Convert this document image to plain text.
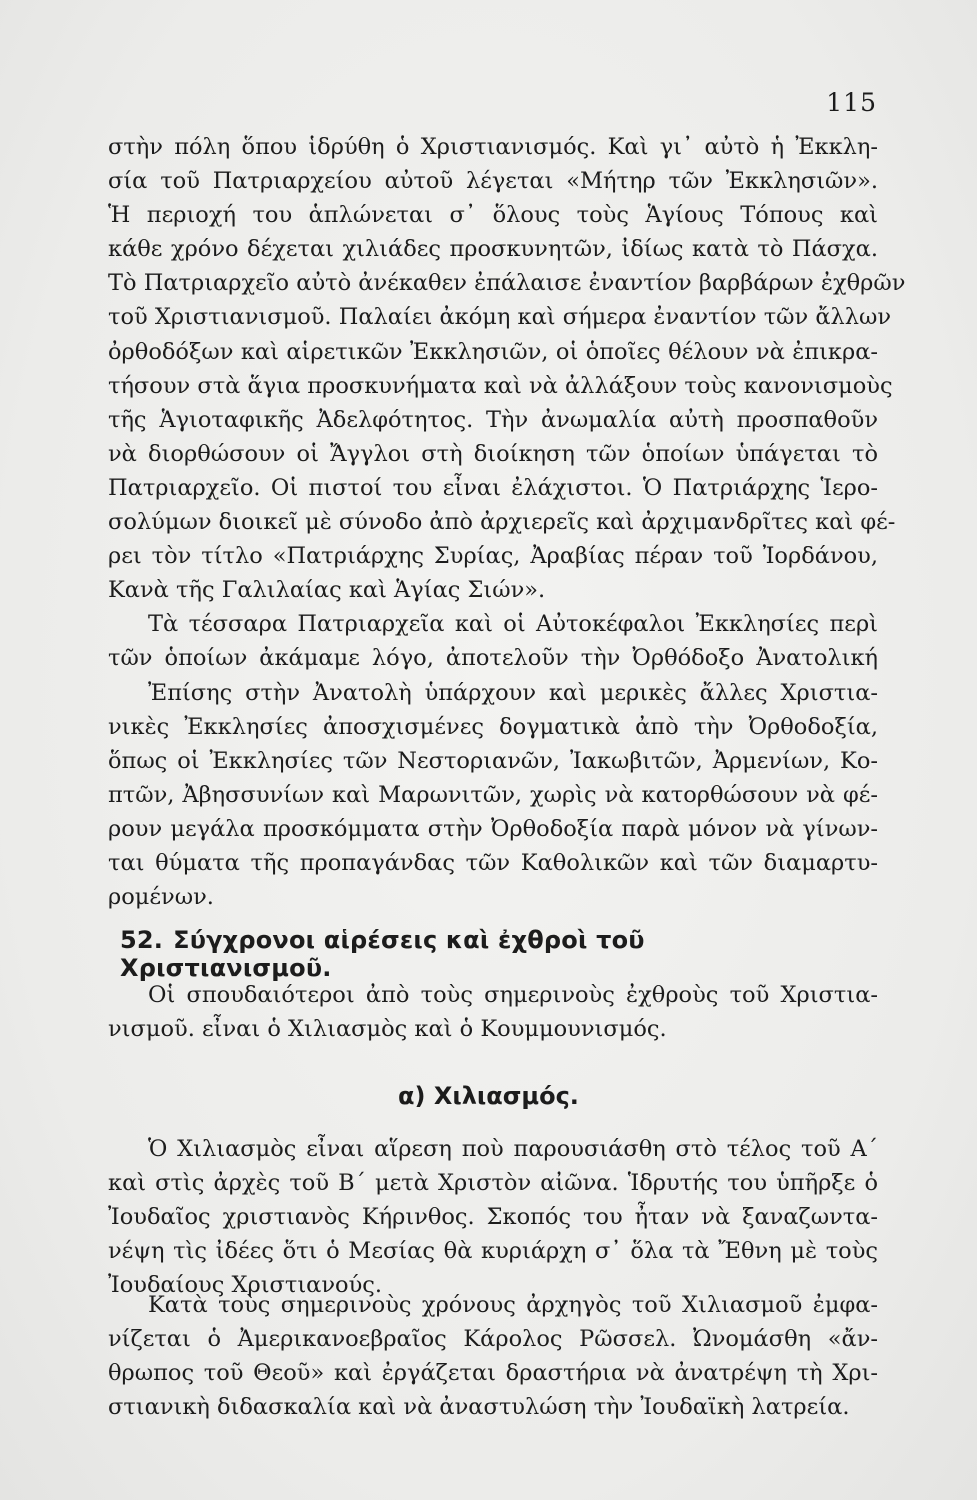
115

στὴν πόλη ὅπου ἱδρύθη ὁ Χριστιανισμός. Καὶ γι᾽ αὐτὸ ἡ Ἐκκλη-
σία τοῦ Πατριαρχείου αὐτοῦ λέγεται «Μήτηρ τῶν Ἐκκλησιῶν».
Ἡ περιοχή του ἁπλώνεται σ᾽ ὅλους τοὺς Ἁγίους Τόπους καὶ
κάθε χρόνο δέχεται χιλιάδες προσκυνητῶν, ἰδίως κατὰ τὸ Πάσχα.
Τὸ Πατριαρχεῖο αὐτὸ ἀνέκαθεν ἐπάλαισε ἐναντίον βαρβάρων ἐχθρῶν
τοῦ Χριστιανισμοῦ. Παλαίει ἀκόμη καὶ σήμερα ἐναντίον τῶν ἄλλων
ὀρθοδόξων καὶ αἱρετικῶν Ἐκκλησιῶν, οἱ ὁποῖες θέλουν νὰ ἐπικρα-
τήσουν στὰ ἅγια προσκυνήματα καὶ νὰ ἀλλάξουν τοὺς κανονισμοὺς
τῆς Ἁγιοταφικῆς Ἀδελφότητος. Τὴν ἀνωμαλία αὐτὴ προσπαθοῦν
νὰ διορθώσουν οἱ Ἄγγλοι στὴ διοίκηση τῶν ὁποίων ὑπάγεται τὸ
Πατριαρχεῖο. Οἱ πιστοί του εἶναι ἐλάχιστοι. Ὁ Πατριάρχης Ἱερο-
σολύμων διοικεῖ μὲ σύνοδο ἀπὸ ἀρχιερεῖς καὶ ἀρχιμανδρῖτες καὶ φέ-
ρει τὸν τίτλο «Πατριάρχης Συρίας, Ἀραβίας πέραν τοῦ Ἰορδάνου,
Κανὰ τῆς Γαλιλαίας καὶ Ἁγίας Σιών».

Τὰ τέσσαρα Πατριαρχεῖα καὶ οἱ Αὐτοκέφαλοι Ἐκκλησίες περὶ
τῶν ὁποίων ἀκάμαμε λόγο, ἀποτελοῦν τὴν Ὀρθόδοξο Ἀνατολική
Ἐπίσης στὴν Ἀνατολὴ ὑπάρχουν καὶ μερικὲς ἄλλες Χριστια-
νικὲς Ἐκκλησίες ἀποσχισμένες δογματικὰ ἀπὸ τὴν Ὀρθοδοξία,
ὅπως οἱ Ἐκκλησίες τῶν Νεστοριανῶν, Ἰακωβιτῶν, Ἀρμενίων, Κο-
πτῶν, Ἀβησσυνίων καὶ Μαρωνιτῶν, χωρὶς νὰ κατορθώσουν νὰ φέ-
ρουν μεγάλα προσκόμματα στὴν Ὀρθοδοξία παρὰ μόνον νὰ γίνων-
ται θύματα τῆς προπαγάνδας τῶν Καθολικῶν καὶ τῶν διαμαρτυ-
ρομένων.

52. Σύγχρονοι αἱρέσεις καὶ ἐχθροὶ τοῦ Χριστιανισμοῦ.

Οἱ σπουδαιότεροι ἀπὸ τοὺς σημερινοὺς ἐχθροὺς τοῦ Χριστια-
νισμοῦ. εἶναι ὁ Χιλιασμὸς καὶ ὁ Κουμμουνισμός.

α) Χιλιασμός.

Ὁ Χιλιασμὸς εἶναι αἵρεση ποὺ παρουσιάσθη στὸ τέλος τοῦ Α΄
καὶ στὶς ἀρχὲς τοῦ Β΄ μετὰ Χριστὸν αἰῶνα. Ἱδρυτής του ὑπῆρξε ὁ
Ἰουδαῖος χριστιανὸς Κήρινθος. Σκοπός του ἦταν νὰ ξαναζωντα-
νέψη τὶς ἰδέες ὅτι ὁ Μεσίας θὰ κυριάρχη σ᾽ ὅλα τὰ Ἔθνη μὲ τοὺς
Ἰουδαίους Χριστιανούς.

Κατὰ τοὺς σημερινοὺς χρόνους ἀρχηγὸς τοῦ Χιλιασμοῦ ἐμφα-
νίζεται ὁ Ἀμερικανοεβραῖος Κάρολος Ρῶσσελ. Ὠνομάσθη «ἄν-
θρωπος τοῦ Θεοῦ» καὶ ἐργάζεται δραστήρια νὰ ἀνατρέψη τὴ Χρι-
στιανικὴ διδασκαλία καὶ νὰ ἀναστυλώση τὴν Ἰουδαϊκὴ λατρεία.
